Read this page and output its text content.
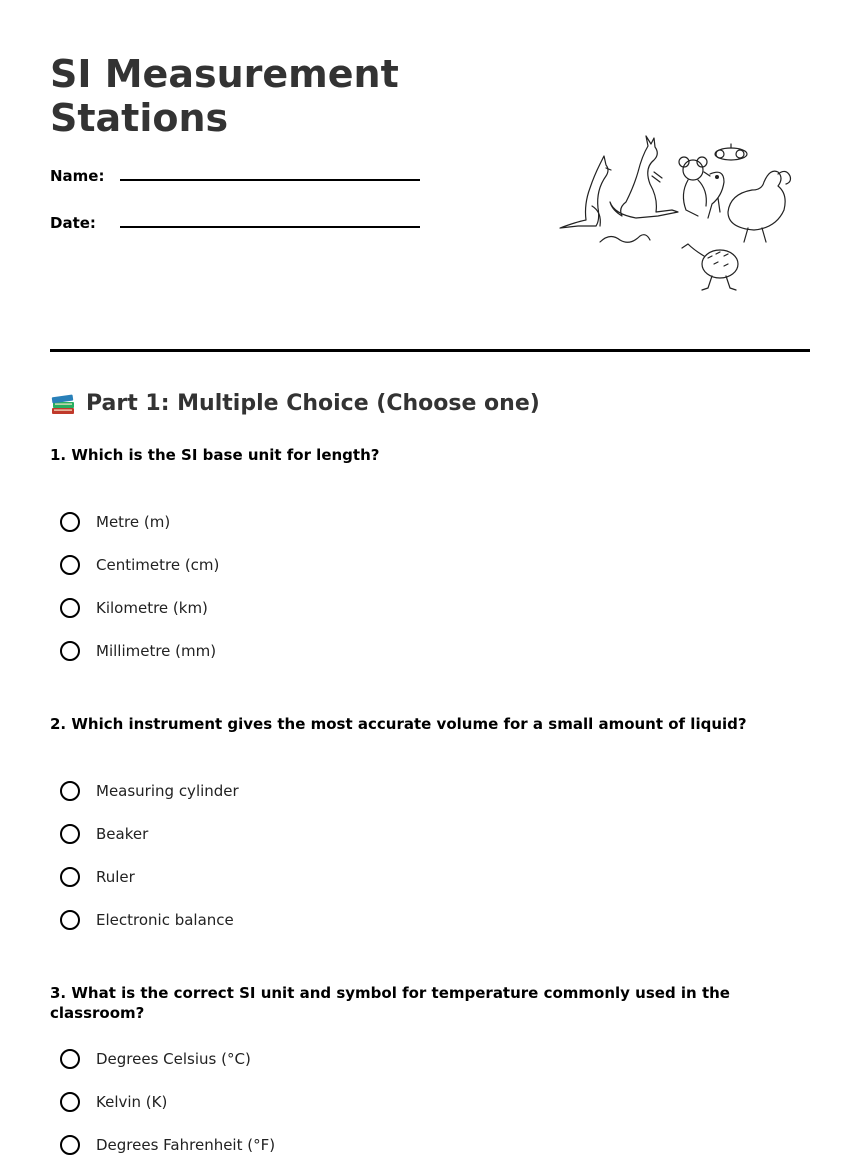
SI Measurement Stations
Name:
Date:
Part 1: Multiple Choice (Choose one)

1. Which is the SI base unit for length?

Metre (m)
Centimetre (cm)
Kilometre (km)
Millimetre (mm)

2. Which instrument gives the most accurate volume for a small amount of liquid?

Measuring cylinder
Beaker
Ruler
Electronic balance

3. What is the correct SI unit and symbol for temperature commonly used in the classroom?

Degrees Celsius (°C)
Kelvin (K)
Degrees Fahrenheit (°F)
